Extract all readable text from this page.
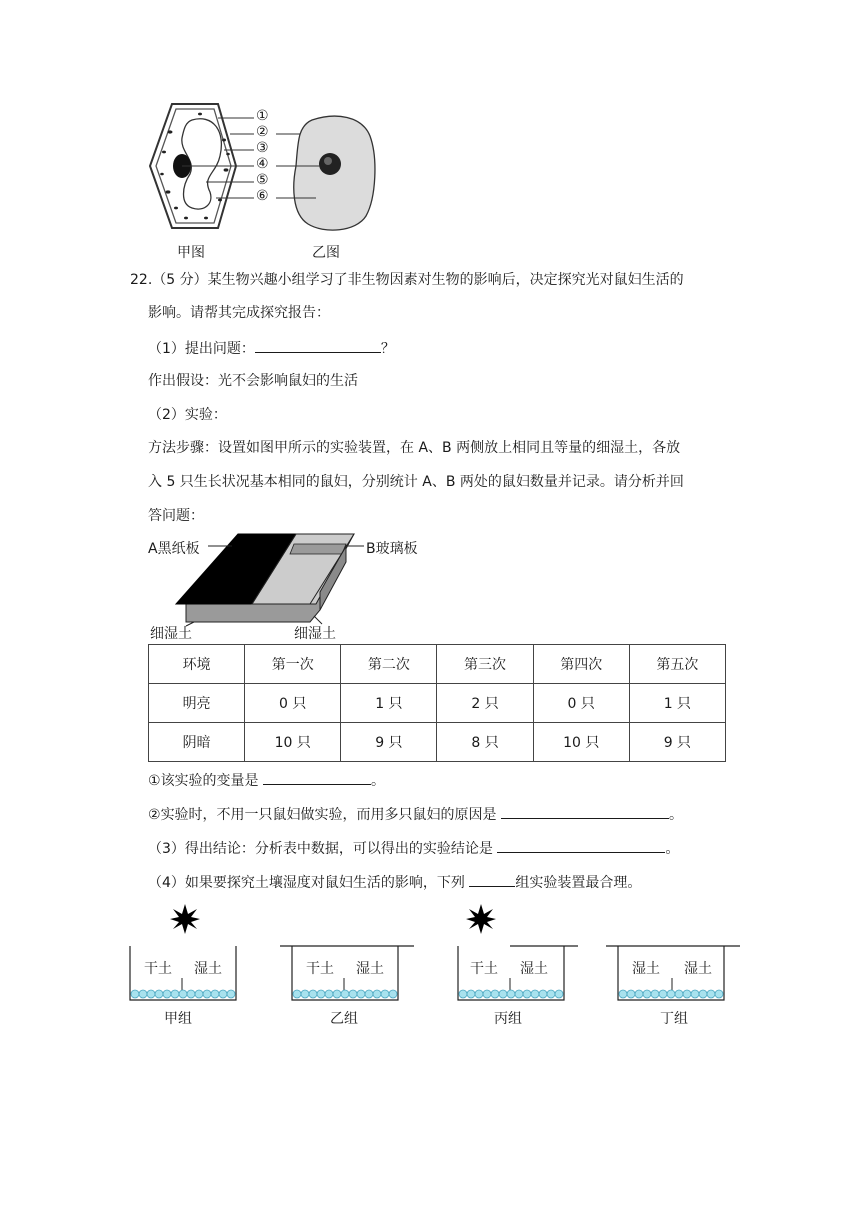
①
②
③
④
⑤
⑥
甲图	乙图
22.（5 分）某生物兴趣小组学习了非生物因素对生物的影响后，决定探究光对鼠妇生活的
影响。请帮其完成探究报告：
（1）提出问题：	？
作出假设：光不会影响鼠妇的生活
（2）实验：
方法步骤：设置如图甲所示的实验装置，在 A、B 两侧放上相同且等量的细湿土，各放
入 5 只生长状况基本相同的鼠妇，分别统计 A、B 两处的鼠妇数量并记录。请分析并回
答问题：
A黑纸板	B玻璃板
细湿土	细湿土
环境	第一次	第二次	第三次	第四次	第五次
明亮	0 只	1 只	2 只	0 只	1 只
阴暗	10 只	9 只	8 只	10 只	9 只
①该实验的变量是	。
②实验时，不用一只鼠妇做实验，而用多只鼠妇的原因是	。
（3）得出结论：分析表中数据，可以得出的实验结论是	。
（4）如果要探究土壤湿度对鼠妇生活的影响，下列	组实验装置最合理。
干土 湿土
甲组
干土 湿土
乙组
干土 湿土
丙组
湿土 湿土
丁组
